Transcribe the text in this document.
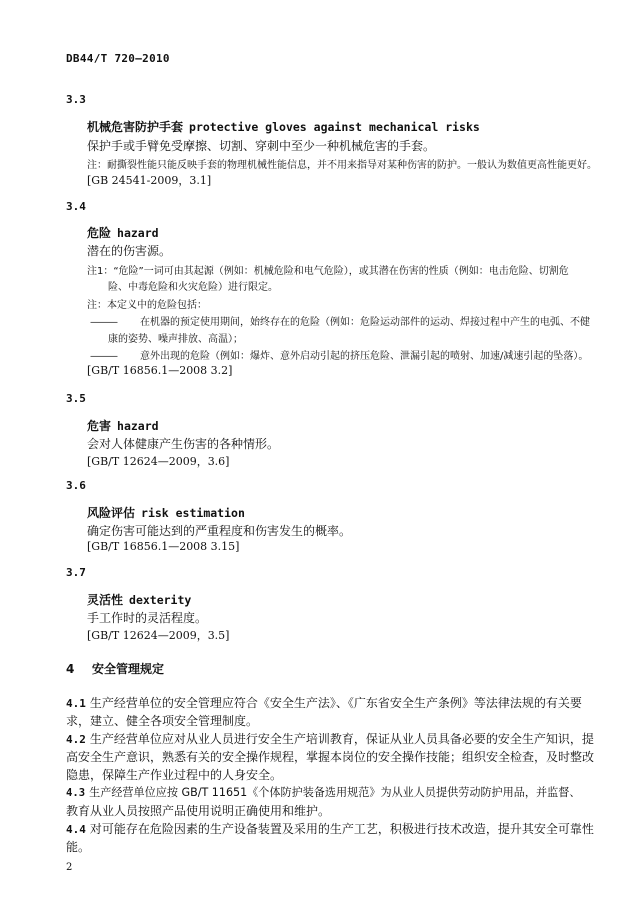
DB44/T 720—2010
3.3
机械危害防护手套 protective gloves against mechanical risks
保护手或手臂免受摩擦、切割、穿刺中至少一种机械危害的手套。
注：耐撕裂性能只能反映手套的物理机械性能信息，并不用来指导对某种伤害的防护。一般认为数值更高性能更好。
[GB 24541-2009，3.1]
3.4
危险 hazard
潜在的伤害源。
注1：“危险”一词可由其起源（例如：机械危险和电气危险），或其潜在伤害的性质（例如：电击危险、切割危
险、中毒危险和火灾危险）进行限定。
注：本定义中的危险包括：
——— 在机器的预定使用期间，始终存在的危险（例如：危险运动部件的运动、焊接过程中产生的电弧、不健
康的姿势、噪声排放、高温）；
——— 意外出现的危险（例如：爆炸、意外启动引起的挤压危险、泄漏引起的喷射、加速/减速引起的坠落）。
[GB/T 16856.1—2008 3.2]
3.5
危害 hazard
会对人体健康产生伤害的各种情形。
[GB/T 12624—2009，3.6]
3.6
风险评估 risk estimation
确定伤害可能达到的严重程度和伤害发生的概率。
[GB/T 16856.1—2008 3.15]
3.7
灵活性 dexterity
手工作时的灵活程度。
[GB/T 12624—2009，3.5]
4 安全管理规定
4.1 生产经营单位的安全管理应符合《安全生产法》、《广东省安全生产条例》等法律法规的有关要
求，建立、健全各项安全管理制度。
4.2 生产经营单位应对从业人员进行安全生产培训教育，保证从业人员具备必要的安全生产知识，提
高安全生产意识，熟悉有关的安全操作规程，掌握本岗位的安全操作技能；组织安全检查，及时整改
隐患，保障生产作业过程中的人身安全。
4.3 生产经营单位应按 GB/T 11651《个体防护装备选用规范》为从业人员提供劳动防护用品，并监督、
教育从业人员按照产品使用说明正确使用和维护。
4.4 对可能存在危险因素的生产设备装置及采用的生产工艺，积极进行技术改造，提升其安全可靠性
能。
2
